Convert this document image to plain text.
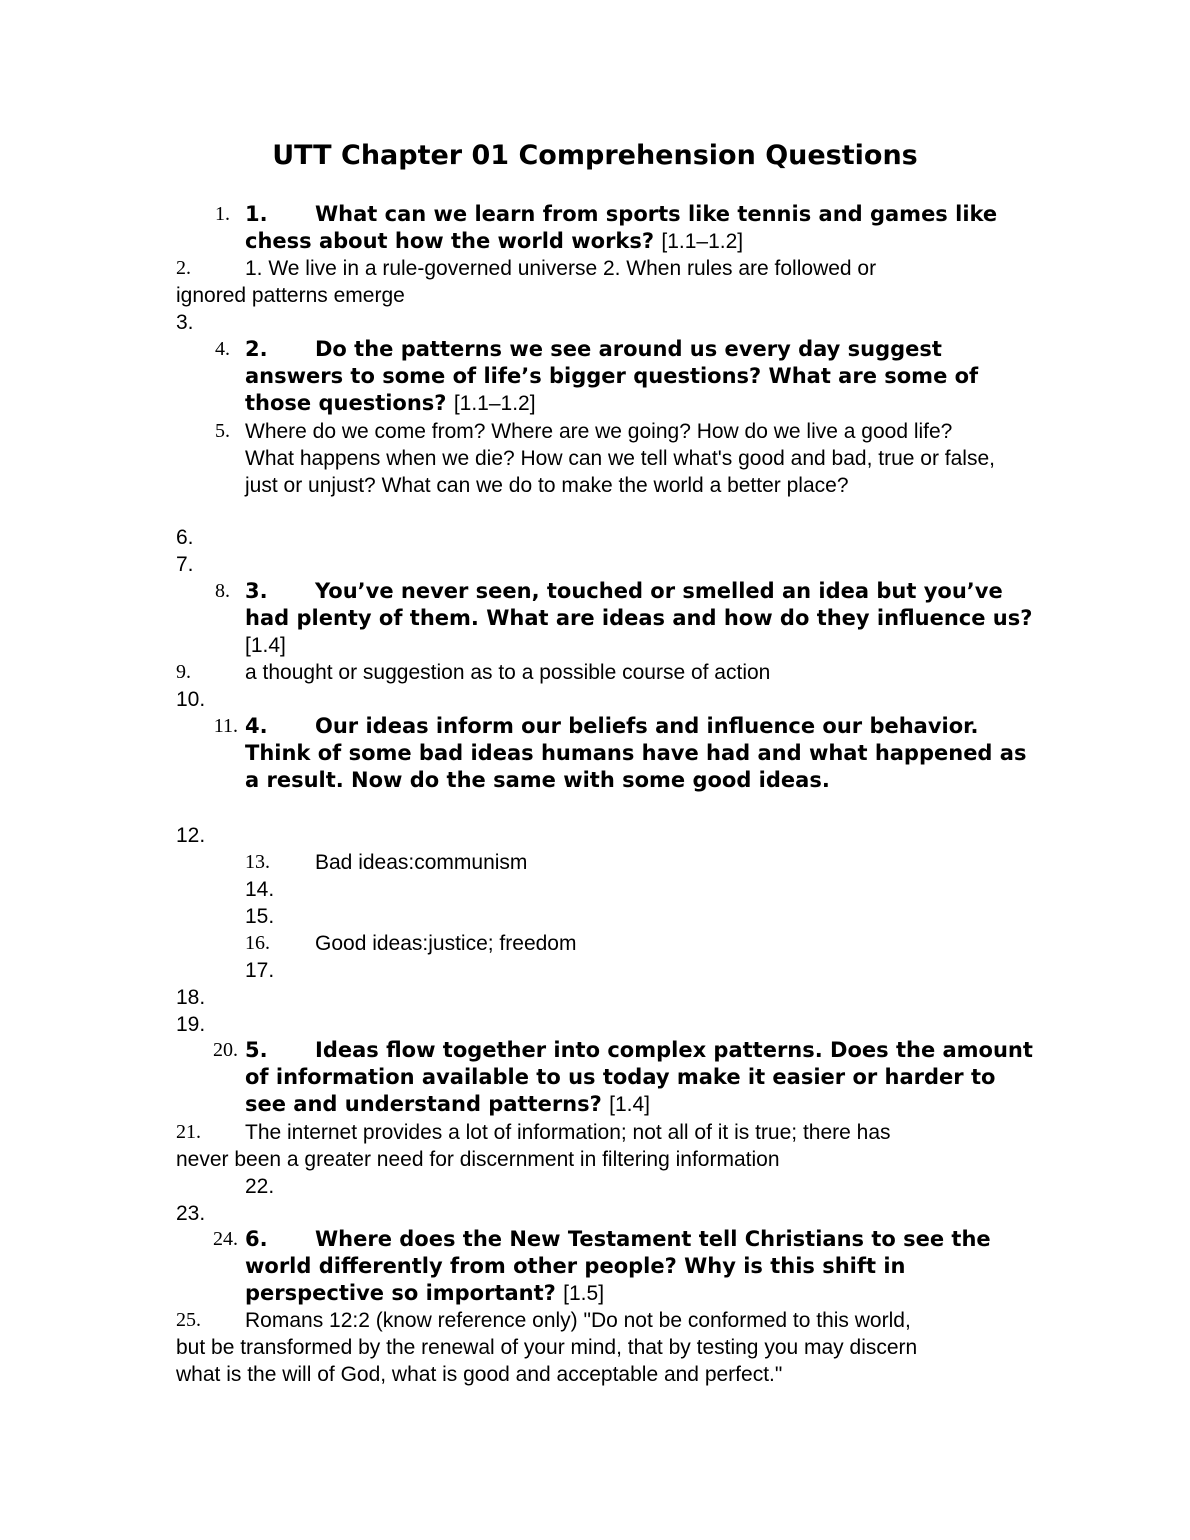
UTT Chapter 01 Comprehension Questions
1. 1. What can we learn from sports like tennis and games like chess about how the world works? [1.1–1.2]
2.	1. We live in a rule-governed universe 2. When rules are followed or
ignored patterns emerge
3.
4. 2. Do the patterns we see around us every day suggest answers to some of life’s bigger questions? What are some of those questions? [1.1–1.2]
5. Where do we come from? Where are we going? How do we live a good life? What happens when we die? How can we tell what's good and bad, true or false, just or unjust? What can we do to make the world a better place?
6.
7.
8. 3. You’ve never seen, touched or smelled an idea but you’ve had plenty of them. What are ideas and how do they influence us? [1.4]
9.	a thought or suggestion as to a possible course of action
10.
11. 4. Our ideas inform our beliefs and influence our behavior. Think of some bad ideas humans have had and what happened as a result. Now do the same with some good ideas.
12.
13. Bad ideas:communism
14.
15.
16. Good ideas:justice; freedom
17.
18.
19.
20. 5. Ideas flow together into complex patterns. Does the amount of information available to us today make it easier or harder to see and understand patterns? [1.4]
21. The internet provides a lot of information; not all of it is true; there has
never been a greater need for discernment in filtering information
22.
23.
24. 6. Where does the New Testament tell Christians to see the world differently from other people? Why is this shift in perspective so important? [1.5]
25. Romans 12:2 (know reference only) "Do not be conformed to this world,
but be transformed by the renewal of your mind, that by testing you may discern
what is the will of God, what is good and acceptable and perfect."
